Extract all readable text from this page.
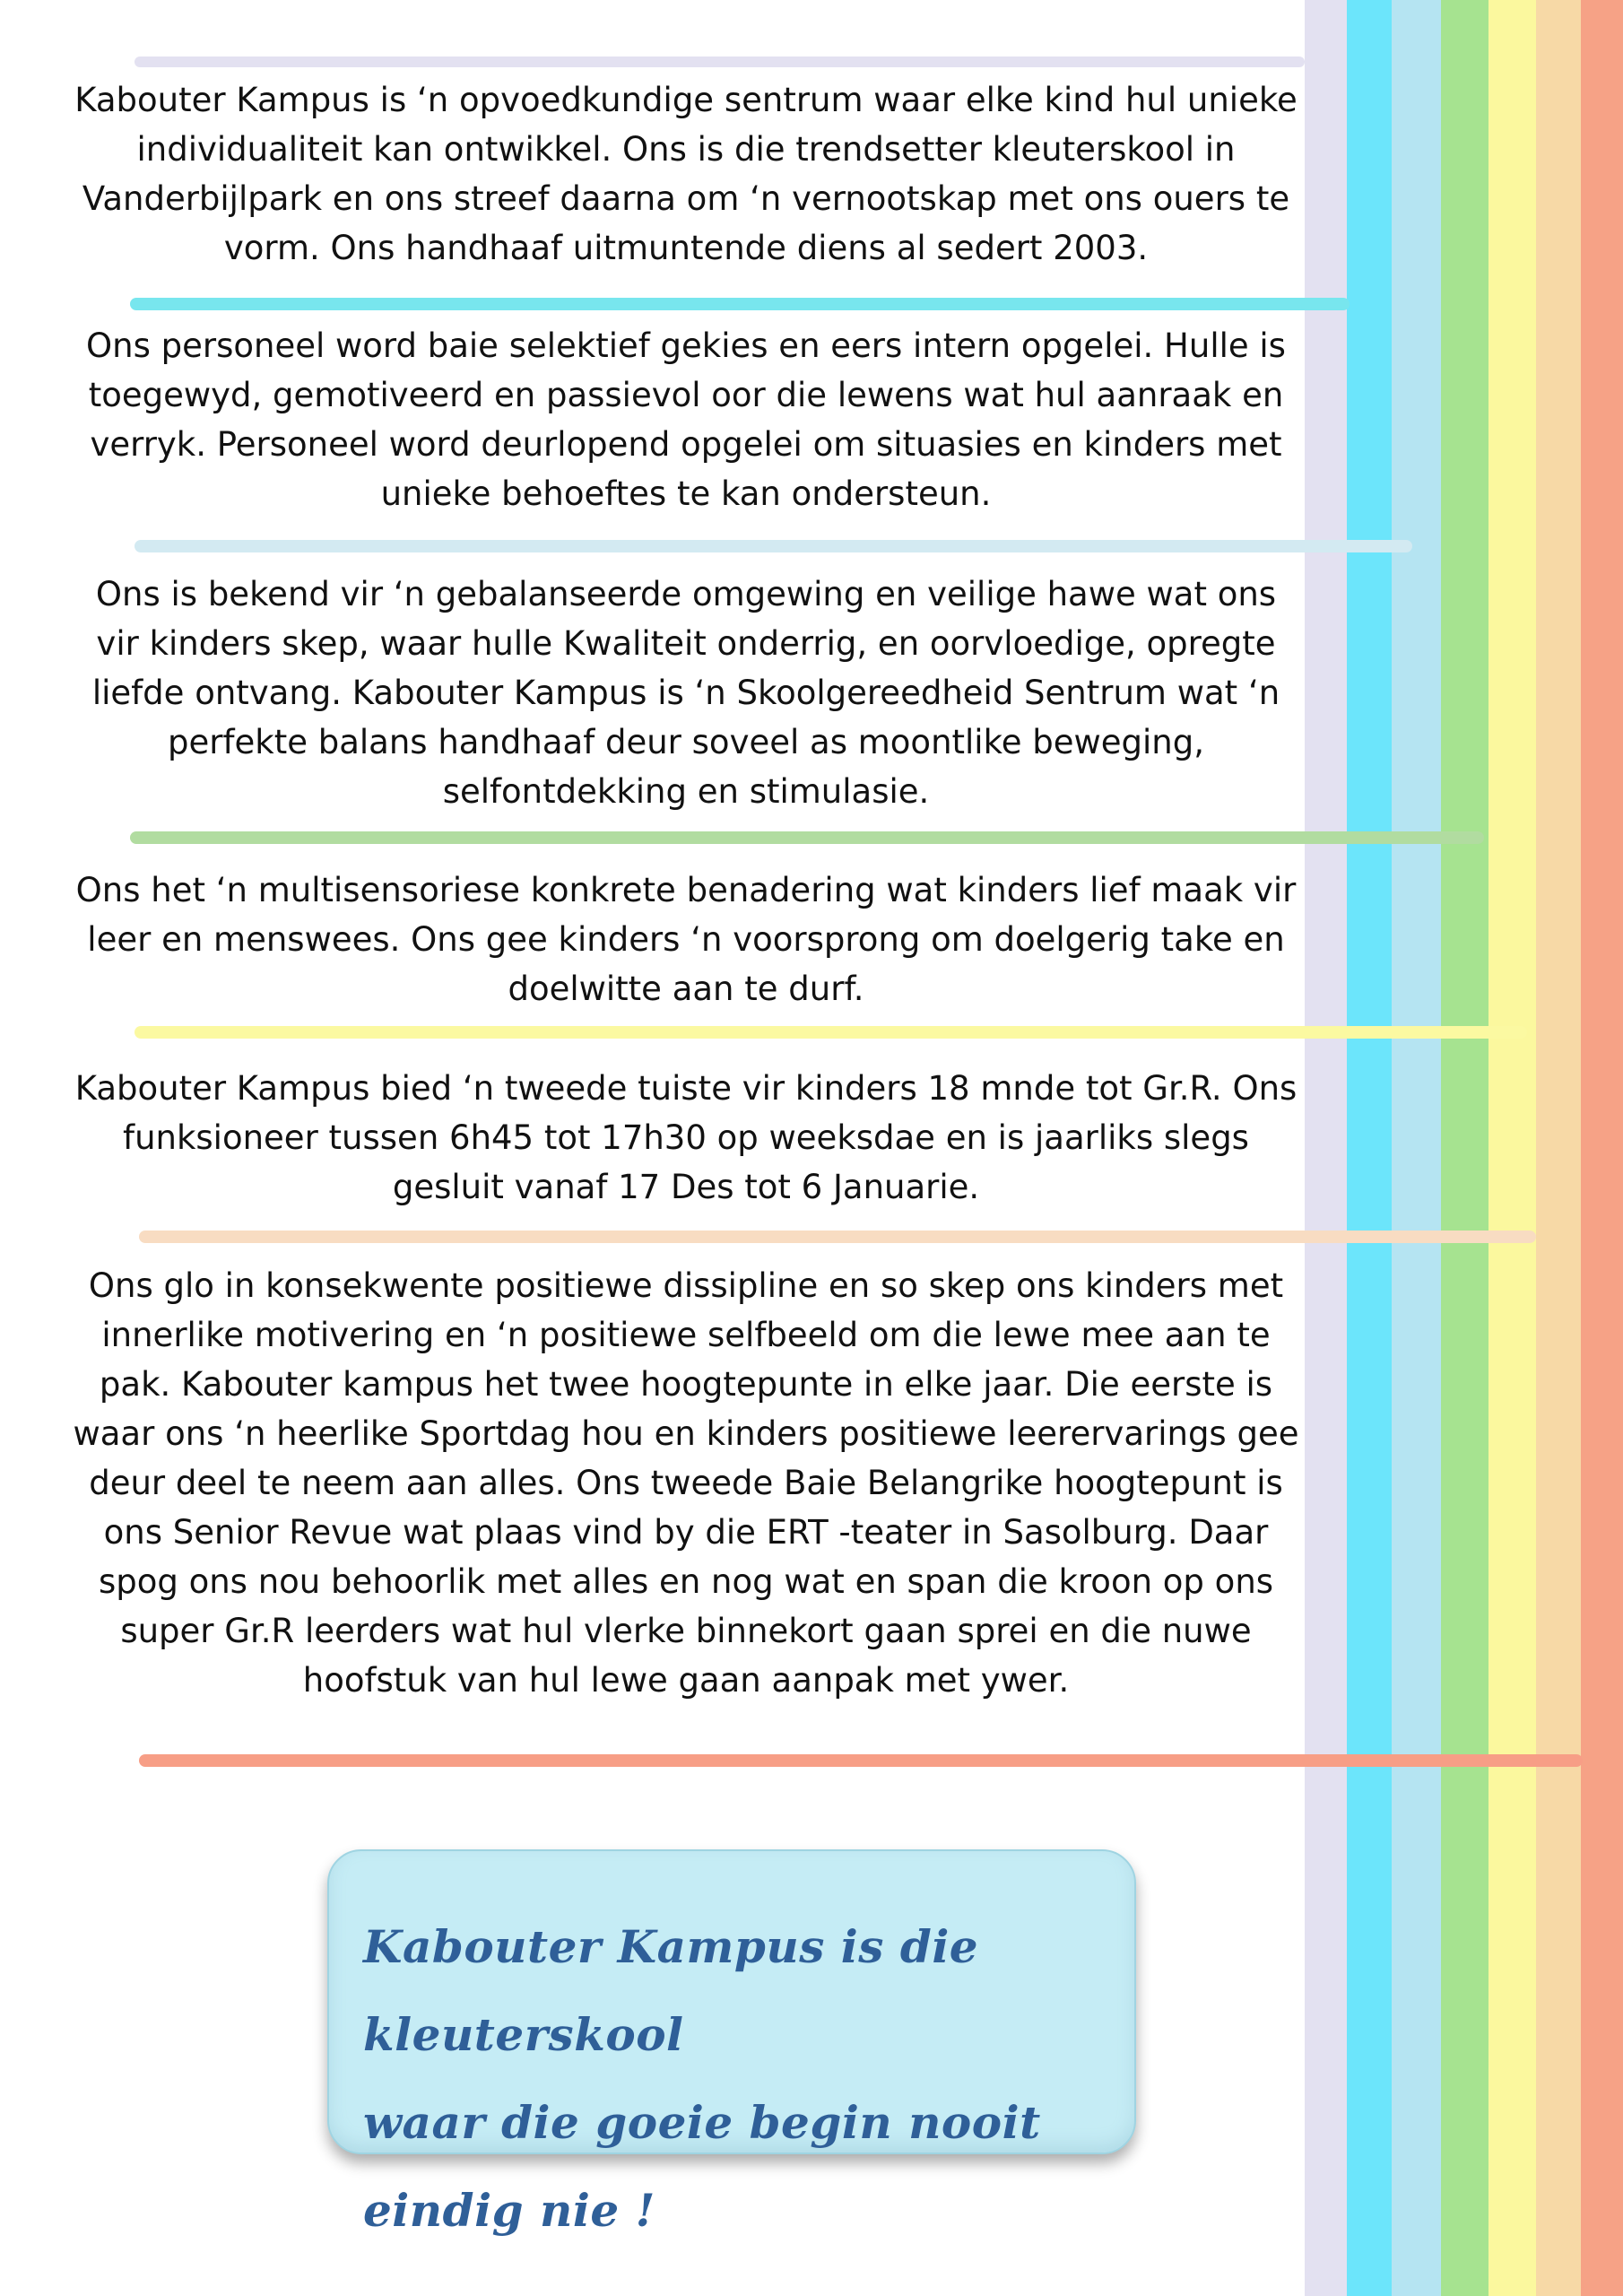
Kabouter Kampus is ‘n opvoedkundige sentrum waar elke kind hul unieke individualiteit kan ontwikkel. Ons is die trendsetter kleuterskool in Vanderbijlpark en ons streef daarna om ‘n vernootskap met ons ouers te vorm. Ons handhaaf uitmuntende diens al sedert 2003.

Ons personeel word baie selektief gekies en eers intern opgelei. Hulle is toegewyd, gemotiveerd en passievol oor die lewens wat hul aanraak en verryk. Personeel word deurlopend opgelei om situasies en kinders met unieke behoeftes te kan ondersteun.

Ons is bekend vir ‘n gebalanseerde omgewing en veilige hawe wat ons vir kinders skep, waar hulle Kwaliteit onderrig, en oorvloedige, opregte liefde ontvang. Kabouter Kampus is ‘n Skoolgereedheid Sentrum wat ‘n perfekte balans handhaaf deur soveel as moontlike beweging, selfontdekking en stimulasie.

Ons het ‘n multisensoriese konkrete benadering wat kinders lief maak vir leer en menswees. Ons gee kinders ‘n voorsprong om doelgerig take en doelwitte aan te durf.

Kabouter Kampus bied ‘n tweede tuiste vir kinders 18 mnde tot Gr.R. Ons funksioneer tussen 6h45 tot 17h30 op weeksdae en is jaarliks slegs gesluit vanaf 17 Des tot 6 Januarie.

Ons glo in konsekwente positiewe dissipline en so skep ons kinders met innerlike motivering en ‘n positiewe selfbeeld om die lewe mee aan te pak. Kabouter kampus het twee hoogtepunte in elke jaar. Die eerste is waar ons ‘n heerlike Sportdag hou en kinders positiewe leerervarings gee deur deel te neem aan alles. Ons tweede Baie Belangrike hoogtepunt is ons Senior Revue wat plaas vind by die ERT -teater in Sasolburg. Daar spog ons nou behoorlik met alles en nog wat en span die kroon op ons super Gr.R leerders wat hul vlerke binnekort gaan sprei en die nuwe hoofstuk van hul lewe gaan aanpak met ywer.

Kabouter Kampus is die kleuterskool
waar die goeie begin nooit eindig nie !
